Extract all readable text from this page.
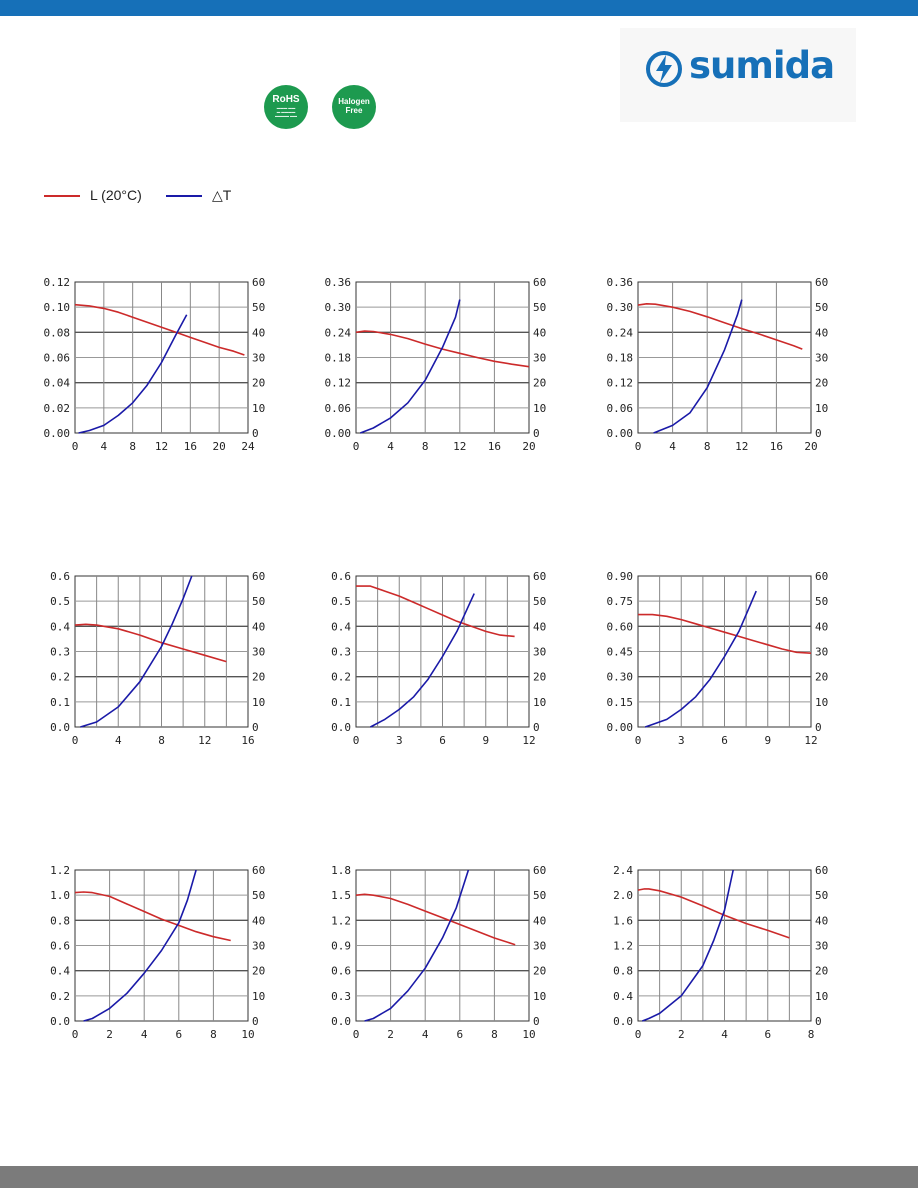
sumida
RoHS
▬▬▬ ▬▬
▬ ▬▬▬▬
▬▬▬▬ ▬▬
Halogen
Free
L (20°C)	△T
0.00
0.02
0.04
0.06
0.08
0.10
0.12
0
10
20
30
40
50
60
0 4 8 12 16 20 24
0.00
0.06
0.12
0.18
0.24
0.30
0.36
0
10
20
30
40
50
60
0	4	8 12 16 20
0.00
0.06
0.12
0.18
0.24
0.30
0.36
0
10
20
30
40
50
60
0	4	8 12 16 20
0.0
0.1
0.2
0.3
0.4
0.5
0.6
0
10
20
30
40
50
60
0	4	8	12	16
0.0
0.1
0.2
0.3
0.4
0.5
0.6
0
10
20
30
40
50
60
0	3	6	9	12
0.00
0.15
0.30
0.45
0.60
0.75
0.90
0
10
20
30
40
50
60
0	3	6	9	12
0.0
0.2
0.4
0.6
0.8
1.0
1.2
0
10
20
30
40
50
60
0	2	4	6	8 10
0.0
0.3
0.6
0.9
1.2
1.5
1.8
0
10
20
30
40
50
60
0	2	4	6	8 10
0.0
0.4
0.8
1.2
1.6
2.0
2.4
0
10
20
30
40
50
60
0	2	4	6	8
